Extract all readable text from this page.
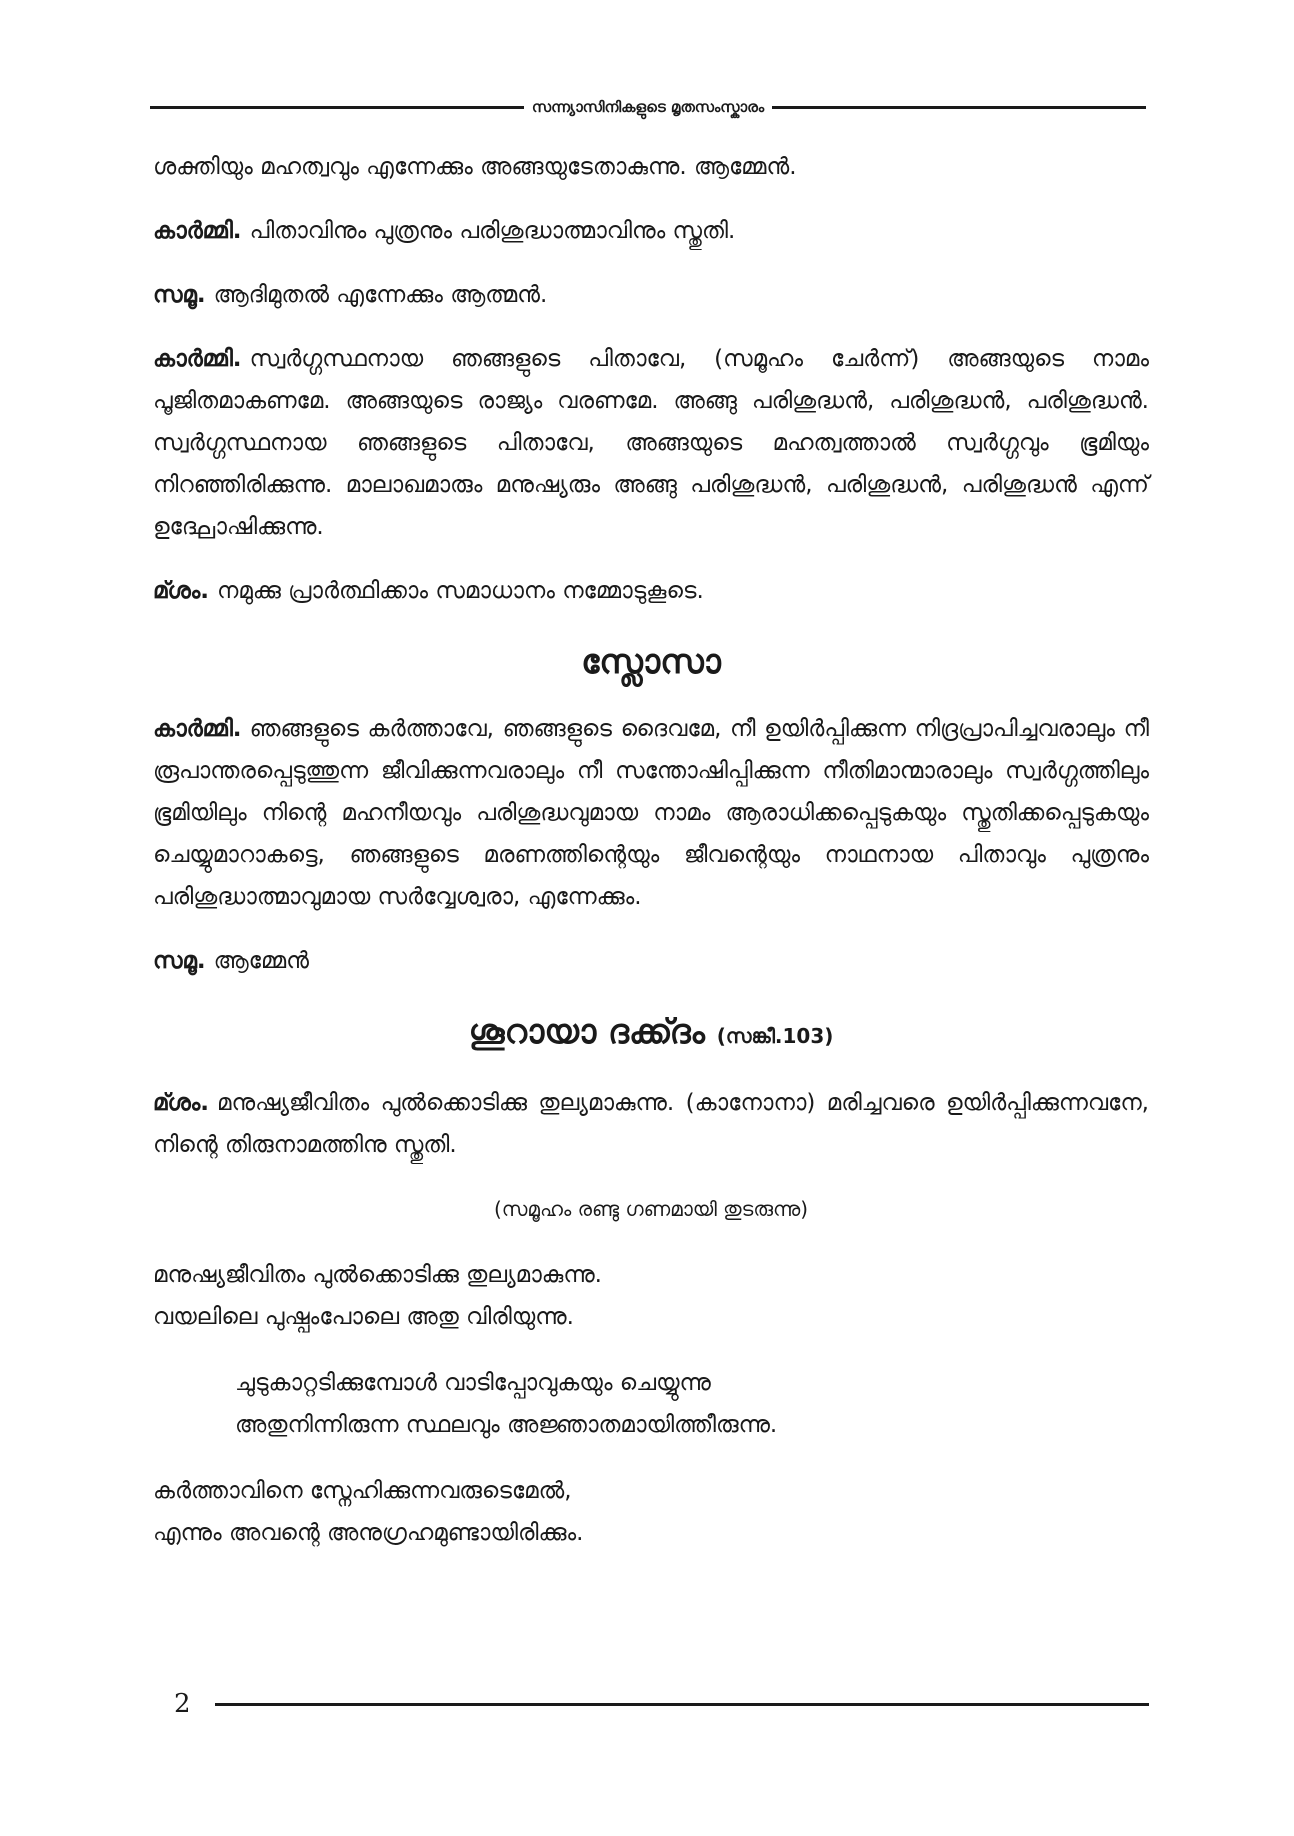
സന്ന്യാസിനികളുടെ മൃതസംസ്കാരം

ശക്തിയും മഹത്വവും എന്നേക്കും അങ്ങയുടേതാകുന്നു. ആമ്മേൻ.

കാർമ്മി. പിതാവിനും പുത്രനും പരിശുദ്ധാത്മാവിനും സ്തുതി.

സമൂ. ആദിമുതൽ എന്നേക്കും ആത്മൻ.

കാർമ്മി. സ്വർഗ്ഗസ്ഥനായ ഞങ്ങളുടെ പിതാവേ, (സമൂഹം ചേർന്ന്) അങ്ങയുടെ നാമം പൂജിതമാകണമേ. അങ്ങയുടെ രാജ്യം വരണമേ. അങ്ങു പരിശുദ്ധൻ, പരിശുദ്ധൻ, പരിശുദ്ധൻ. സ്വർഗ്ഗസ്ഥനായ ഞങ്ങളുടെ പിതാവേ, അങ്ങയുടെ മഹത്വത്താൽ സ്വർഗ്ഗവും ഭൂമിയും നിറഞ്ഞിരിക്കുന്നു. മാലാഖമാരും മനുഷ്യരും അങ്ങു പരിശുദ്ധൻ, പരിശുദ്ധൻ, പരിശുദ്ധൻ എന്ന് ഉദ്ഘോഷിക്കുന്നു.

മ്ശം. നമുക്കു പ്രാർത്ഥിക്കാം സമാധാനം നമ്മോടുകൂടെ.

സ്ലോസാ

കാർമ്മി. ഞങ്ങളുടെ കർത്താവേ, ഞങ്ങളുടെ ദൈവമേ, നീ ഉയിർപ്പിക്കുന്ന നിദ്രപ്രാപിച്ചവരാലും നീ രൂപാന്തരപ്പെടുത്തുന്ന ജീവിക്കുന്നവരാലും നീ സന്തോഷിപ്പിക്കുന്ന നീതിമാന്മാരാലും സ്വർഗ്ഗത്തിലും ഭൂമിയിലും നിന്റെ മഹനീയവും പരിശുദ്ധവുമായ നാമം ആരാധിക്കപ്പെടുകയും സ്തുതിക്കപ്പെടുകയും ചെയ്യുമാറാകട്ടെ, ഞങ്ങളുടെ മരണത്തിന്റെയും ജീവന്റെയും നാഥനായ പിതാവും പുത്രനും പരിശുദ്ധാത്മാവുമായ സർവ്വേശ്വരാ, എന്നേക്കും.

സമൂ. ആമ്മേൻ

ശൂറായാ ദക്ക്ദം (സങ്കീ.103)

മ്ശം. മനുഷ്യജീവിതം പുൽക്കൊടിക്കു തുല്യമാകുന്നു. (കാനോനാ) മരിച്ചവരെ ഉയിർപ്പിക്കുന്നവനേ, നിന്റെ തിരുനാമത്തിനു സ്തുതി.

(സമൂഹം രണ്ടു ഗണമായി തുടരുന്നു)

മനുഷ്യജീവിതം പുൽക്കൊടിക്കു തുല്യമാകുന്നു.

വയലിലെ പുഷ്പംപോലെ അതു വിരിയുന്നു.

ചുടുകാറ്റടിക്കുമ്പോൾ വാടിപ്പോവുകയും ചെയ്യുന്നു

അതുനിന്നിരുന്ന സ്ഥലവും അജ്ഞാതമായിത്തീരുന്നു.

കർത്താവിനെ സ്നേഹിക്കുന്നവരുടെമേൽ,

എന്നും അവന്റെ അനുഗ്രഹമുണ്ടായിരിക്കും.

2
